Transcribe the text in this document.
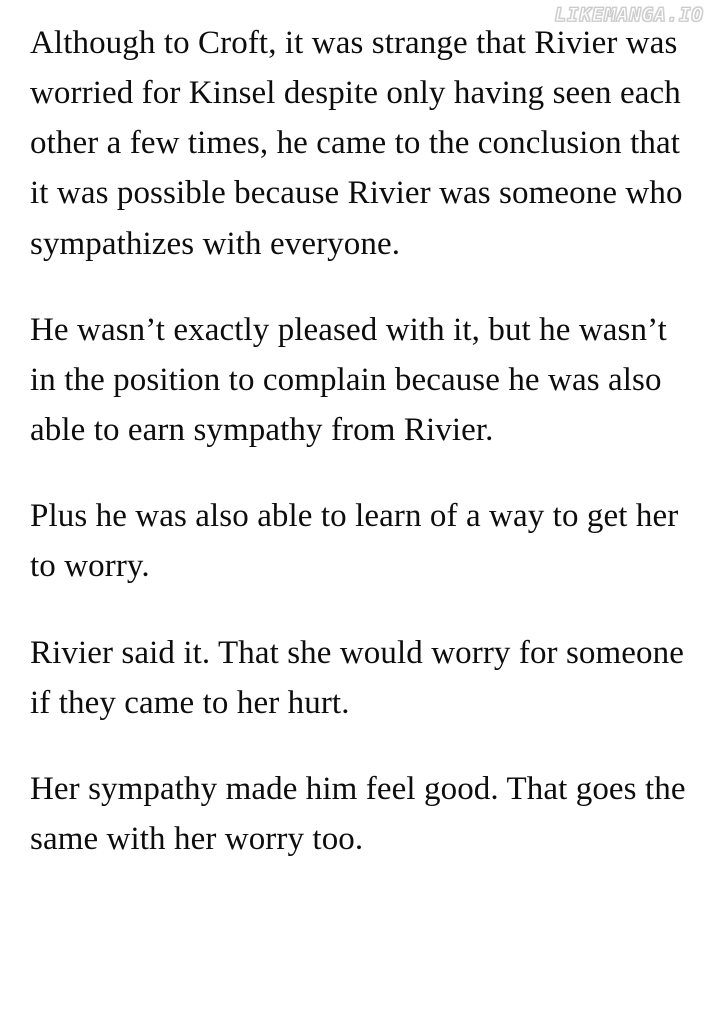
LIKEMANGA.IO

Although to Croft, it was strange that Rivier was worried for Kinsel despite only having seen each other a few times, he came to the conclusion that it was possible because Rivier was someone who sympathizes with everyone.

He wasn’t exactly pleased with it, but he wasn’t in the position to complain because he was also able to earn sympathy from Rivier.

Plus he was also able to learn of a way to get her to worry.

Rivier said it. That she would worry for someone if they came to her hurt.

Her sympathy made him feel good. That goes the same with her worry too.
